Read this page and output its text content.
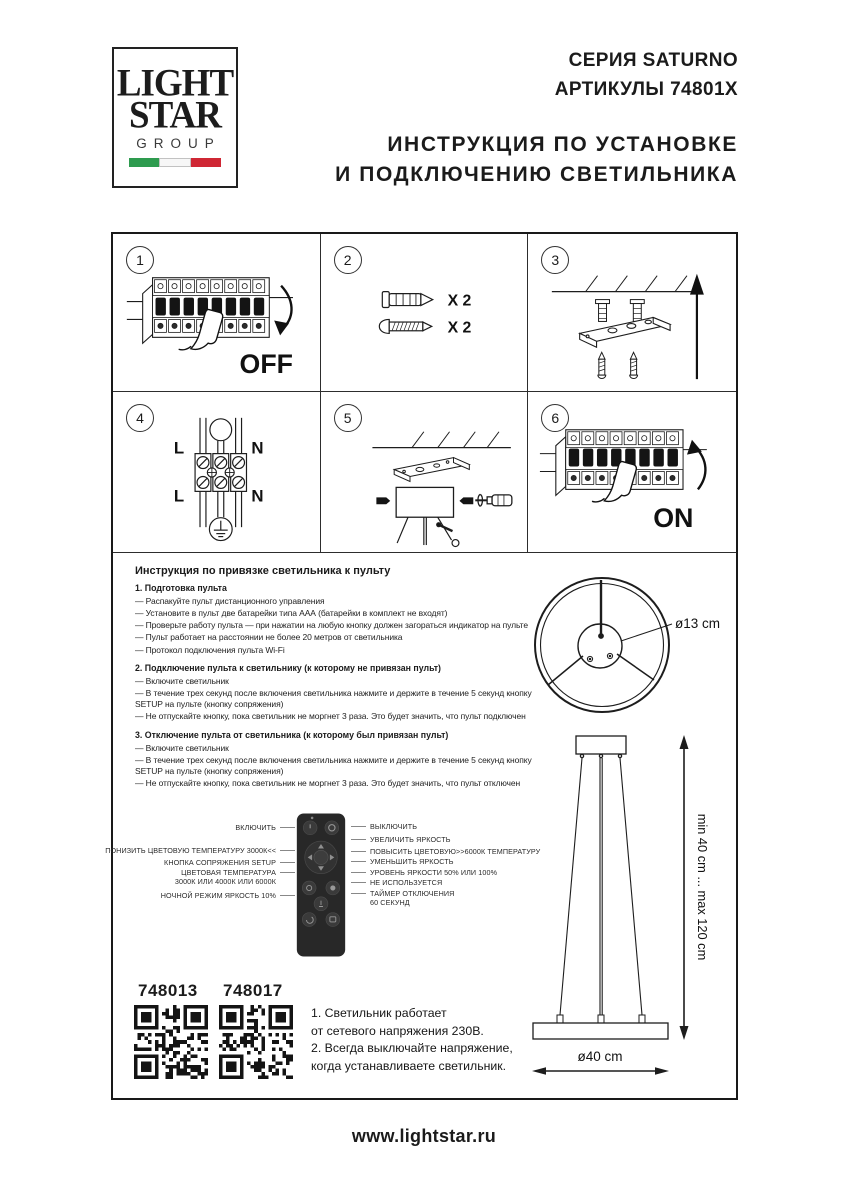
LIGHT
STAR
GROUP
СЕРИЯ SATURNO
АРТИКУЛЫ 74801X
ИНСТРУКЦИЯ ПО УСТАНОВКЕ
И ПОДКЛЮЧЕНИЮ СВЕТИЛЬНИКА
1
OFF
2
X 2
X 2
3
4
L	N
L	N
5	6
ON
Инструкция по привязке светильника к пульту
1. Подготовка пульта
— Распакуйте пульт дистанционного управления
— Установите в пульт две батарейки типа ААА (батарейки в комплект не входят)
— Проверьте работу пульта — при нажатии на любую кнопку должен загораться индикатор на пульте
— Пульт работает на расстоянии не более 20 метров от светильника
— Протокол подключения пульта Wi-Fi
2. Подключение пульта к светильнику (к которому не привязан пульт)
— Включите светильник
— В течение трех секунд после включения светильника нажмите и держите в течение 5 секунд кнопку SETUP на пульте (кнопку сопряжения)
— Не отпускайте кнопку, пока светильник не моргнет 3 раза. Это будет значить, что пульт подключен
3. Отключение пульта от светильника (к которому был привязан пульт)
— Включите светильник
— В течение трех секунд после включения светильника нажмите и держите в течение 5 секунд кнопку SETUP на пульте (кнопку сопряжения)
— Не отпускайте кнопку, пока светильник не моргнет 3 раза. Это будет значить, что пульт отключен
ВКЛЮЧИТЬ
ПОНИЗИТЬ ЦВЕТОВУЮ ТЕМПЕРАТУРУ 3000К<<
КНОПКА СОПРЯЖЕНИЯ SETUP
ЦВЕТОВАЯ ТЕМПЕРАТУРА
3000К ИЛИ 4000К ИЛИ 6000К
НОЧНОЙ РЕЖИМ ЯРКОСТЬ 10%
ВЫКЛЮЧИТЬ
УВЕЛИЧИТЬ ЯРКОСТЬ
ПОВЫСИТЬ ЦВЕТОВУЮ>>6000К ТЕМПЕРАТУРУ
УМЕНЬШИТЬ ЯРКОСТЬ
УРОВЕНЬ ЯРКОСТИ 50% ИЛИ 100%
НЕ ИСПОЛЬЗУЕТСЯ
ТАЙМЕР ОТКЛЮЧЕНИЯ
60 СЕКУНД
748013 748017
1. Светильник работает
от сетевого напряжения 230В.
2. Всегда выключайте напряжение,
когда устанавливаете светильник.
ø13 cm
min 40 cm ... max 120 cm
ø40 cm
www.lightstar.ru
